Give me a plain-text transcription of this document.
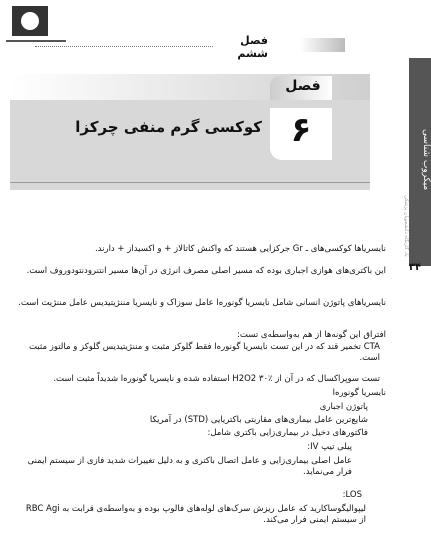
فصل ششم
میکروب شناسی
یاد گارنگاه دانشجویان پزشکی
فصل
۶
کوکسی گرم منفی چرکزا
۳۴
نایسریاها کوکسی‌های ـ Gr جرکزایی هستند که واکنش کاتالاز + و اکسیداز + دارند.
این باکتری‌های هوازی اجباری بوده که مسیر اصلی مصرف انرژی در آن‌ها مسیر انتنرودنتودوروف است.
نایسریاهای پاتوژن انسانی شامل نایسریا گونوره‌ا عامل سوزاک و نایسریا مننژیتیدیس عامل مننژیت است.
افتراق این گونه‌ها از هم به‌واسطه‌ی تست:
CTA تخمیر قند که در این تست نایسریا گونوره‌ا فقط گلوکز مثبت و مننژیتیدیس گلوکز و مالتوز مثبت است.
تست سوپراکسال که در آن از H2O2 ۳۰٪ استفاده شده و نایسریا گونوره‌ا شدیداً مثبت است.
نایسریا گونوره‌ا
پاتوژن اجباری
شایع‌ترین عامل بیماری‌های مقاربتی باکتریایی (STD) در آمریکا
فاکتورهای دخیل در بیماری‌زایی باکتری شامل:
پیلی تیپ IV:
عامل اصلی بیماری‌زایی و عامل اتصال باکتری و به دلیل تغییرات شدید فازی از سیستم ایمنی فرار می‌نماید.
LOS:
لیپوالیگوساکارید که عامل ریزش سرک‌های لوله‌های فالوپ بوده و به‌واسطه‌ی قرابت به RBC Agi از سیستم ایمنی فرار می‌کند.
